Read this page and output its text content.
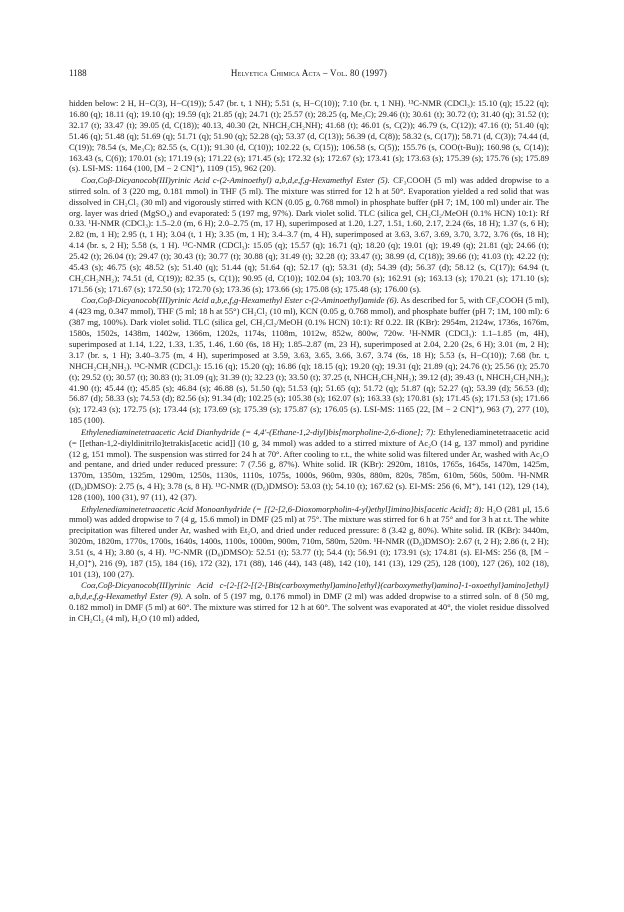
1188	Helvetica Chimica Acta – Vol. 80 (1997)

hidden below: 2 H, H−C(3), H−C(19)); 5.47 (br. t, 1 NH); 5.51 (s, H−C(10)); 7.10 (br. t, 1 NH). ¹³C-NMR (CDCl₃): 15.10 (q); 15.22 (q); 16.80 (q); 18.11 (q); 19.10 (q); 19.59 (q); 21.85 (q); 24.71 (t); 25.57 (t); 28.25 (q, Me₃C); 29.46 (t); 30.61 (t); 30.72 (t); 31.40 (q); 31.52 (t); 32.17 (t); 33.47 (t); 39.05 (d, C(18)); 40.13, 40.30 (2t, NHCH₂CH₂NH); 41.68 (t); 46.01 (s, C(2)); 46.79 (s, C(12)); 47.16 (t); 51.40 (q); 51.46 (q); 51.48 (q); 51.69 (q); 51.71 (q); 51.90 (q); 52.28 (q); 53.37 (d, C(13)); 56.39 (d, C(8)); 58.32 (s, C(17)); 58.71 (d, C(3)); 74.44 (d, C(19)); 78.54 (s, Me₃C); 82.55 (s, C(1)); 91.30 (d, C(10)); 102.22 (s, C(15)); 106.58 (s, C(5)); 155.76 (s, COO(t-Bu)); 160.98 (s, C(14)); 163.43 (s, C(6)); 170.01 (s); 171.19 (s); 171.22 (s); 171.45 (s); 172.32 (s); 172.67 (s); 173.41 (s); 173.63 (s); 175.39 (s); 175.76 (s); 175.89 (s). LSI-MS: 1164 (100, [M − 2 CN]⁺), 1109 (15), 962 (20).

Coα,Coβ-Dicyanocob(III)yrinic Acid c-(2-Aminoethyl) a,b,d,e,f,g-Hexamethyl Ester (5). CF₃COOH (5 ml) was added dropwise to a stirred soln. of 3 (220 mg, 0.181 mmol) in THF (5 ml). The mixture was stirred for 12 h at 50°. Evaporation yielded a red solid that was dissolved in CH₂Cl₂ (30 ml) and vigorously stirred with KCN (0.05 g, 0.768 mmol) in phosphate buffer (pH 7; 1M, 100 ml) under air. The org. layer was dried (MgSO₄) and evaporated: 5 (197 mg, 97%). Dark violet solid. TLC (silica gel, CH₂Cl₂/MeOH (0.1% HCN) 10:1): Rf 0.33. ¹H-NMR (CDCl₃): 1.5–2.0 (m, 6 H); 2.0–2.75 (m, 17 H), superimposed at 1.20, 1.27, 1.51, 1.60, 2.17, 2.24 (6s, 18 H); 1.37 (s, 6 H); 2.82 (m, 1 H); 2.95 (t, 1 H); 3.04 (t, 1 H); 3.35 (m, 1 H); 3.4–3.7 (m, 4 H), superimposed at 3.63, 3.67, 3.69, 3.70, 3.72, 3.76 (6s, 18 H); 4.14 (br. s, 2 H); 5.58 (s, 1 H). ¹³C-NMR (CDCl₃): 15.05 (q); 15.57 (q); 16.71 (q); 18.20 (q); 19.01 (q); 19.49 (q); 21.81 (q); 24.66 (t); 25.42 (t); 26.04 (t); 29.47 (t); 30.43 (t); 30.77 (t); 30.88 (q); 31.49 (t); 32.28 (t); 33.47 (t); 38.99 (d, C(18)); 39.66 (t); 41.03 (t); 42.22 (t); 45.43 (s); 46.75 (s); 48.52 (s); 51.40 (q); 51.44 (q); 51.64 (q); 52.17 (q); 53.31 (d); 54.39 (d); 56.37 (d); 58.12 (s, C(17)); 64.94 (t, CH₂CH₂NH₂); 74.51 (d, C(19)); 82.35 (s, C(1)); 90.95 (d, C(10)); 102.04 (s); 103.70 (s); 162.91 (s); 163.13 (s); 170.21 (s); 171.10 (s); 171.56 (s); 171.67 (s); 172.50 (s); 172.70 (s); 173.36 (s); 173.66 (s); 175.08 (s); 175.48 (s); 176.00 (s).

Coα,Coβ-Dicyanocob(III)yrinic Acid a,b,e,f,g-Hexamethyl Ester c-(2-Aminoethyl)amide (6). As described for 5, with CF₃COOH (5 ml), 4 (423 mg, 0.347 mmol), THF (5 ml; 18 h at 55°) CH₂Cl₂ (10 ml), KCN (0.05 g, 0.768 mmol), and phosphate buffer (pH 7; 1M, 100 ml): 6 (387 mg, 100%). Dark violet solid. TLC (silica gel, CH₂Cl₂/MeOH (0.1% HCN) 10:1): Rf 0.22. IR (KBr): 2954m, 2124w, 1736s, 1676m, 1580s, 1502s, 1438m, 1402w, 1366m, 1202s, 1174s, 1108m, 1012w, 852w, 800w, 720w. ¹H-NMR (CDCl₃): 1.1–1.85 (m, 4H), superimposed at 1.14, 1.22, 1.33, 1.35, 1.46, 1.60 (6s, 18 H); 1.85–2.87 (m, 23 H), superimposed at 2.04, 2.20 (2s, 6 H); 3.01 (m, 2 H); 3.17 (br. s, 1 H); 3.40–3.75 (m, 4 H), superimposed at 3.59, 3.63, 3.65, 3.66, 3.67, 3.74 (6s, 18 H); 5.53 (s, H−C(10)); 7.68 (br. t, NHCH₂CH₂NH₂). ¹³C-NMR (CDCl₃): 15.16 (q); 15.20 (q); 16.86 (q); 18.15 (q); 19.20 (q); 19.31 (q); 21.89 (q); 24.76 (t); 25.56 (t); 25.70 (t); 29.52 (t); 30.57 (t); 30.83 (t); 31.09 (q); 31.39 (t); 32.23 (t); 33.50 (t); 37.25 (t, NHCH₂CH₂NH₂); 39.12 (d); 39.43 (t, NHCH₂CH₂NH₂); 41.90 (t); 45.44 (t); 45.85 (s); 46.84 (s); 46.88 (s), 51.50 (q); 51.53 (q); 51.65 (q); 51.72 (q); 51.87 (q); 52.27 (q); 53.39 (d); 56.53 (d); 56.87 (d); 58.33 (s); 74.53 (d); 82.56 (s); 91.34 (d); 102.25 (s); 105.38 (s); 162.07 (s); 163.33 (s); 170.81 (s); 171.45 (s); 171.53 (s); 171.66 (s); 172.43 (s); 172.75 (s); 173.44 (s); 173.69 (s); 175.39 (s); 175.87 (s); 176.05 (s). LSI-MS: 1165 (22, [M − 2 CN]⁺), 963 (7), 277 (10), 185 (100).

Ethylenediaminetetraacetic Acid Dianhydride (= 4,4′-(Ethane-1,2-diyl)bis[morpholine-2,6-dione]; 7): Ethylenediaminetetraacetic acid (= [[ethan-1,2-diyldinitrilo]tetrakis[acetic acid]] (10 g, 34 mmol) was added to a stirred mixture of Ac₂O (14 g, 137 mmol) and pyridine (12 g, 151 mmol). The suspension was stirred for 24 h at 70°. After cooling to r.t., the white solid was filtered under Ar, washed with Ac₂O and pentane, and dried under reduced pressure: 7 (7.56 g, 87%). White solid. IR (KBr): 2920m, 1810s, 1765s, 1645s, 1470m, 1425m, 1370m, 1350m, 1325m, 1290m, 1250s, 1130s, 1110s, 1075s, 1000s, 960m, 930s, 880m, 820s, 785m, 610m, 560s, 500m. ¹H-NMR ((D₆)DMSO): 2.75 (s, 4 H); 3.78 (s, 8 H). ¹³C-NMR ((D₆)DMSO): 53.03 (t); 54.10 (t); 167.62 (s). EI-MS: 256 (6, M⁺), 141 (12), 129 (14), 128 (100), 100 (31), 97 (11), 42 (37).

Ethylenediaminetetraacetic Acid Monoanhydride (= [{2-[2,6-Dioxomorpholin-4-yl)ethyl]imino}bis[acetic Acid]; 8): H₂O (281 μl, 15.6 mmol) was added dropwise to 7 (4 g, 15.6 mmol) in DMF (25 ml) at 75°. The mixture was stirred for 6 h at 75° and for 3 h at r.t. The white precipitation was filtered under Ar, washed with Et₂O, and dried under reduced pressure: 8 (3.42 g, 80%). White solid. IR (KBr): 3440m, 3020m, 1820m, 1770s, 1700s, 1640s, 1400s, 1100s, 1000m, 900m, 710m, 580m, 520m. ¹H-NMR ((D₆)DMSO): 2.67 (t, 2 H); 2.86 (t, 2 H); 3.51 (s, 4 H); 3.80 (s, 4 H). ¹³C-NMR ((D₆)DMSO): 52.51 (t); 53.77 (t); 54.4 (t); 56.91 (t); 173.91 (s); 174.81 (s). EI-MS: 256 (8, [M − H₂O]⁺), 216 (9), 187 (15), 184 (16), 172 (32), 171 (88), 146 (44), 143 (48), 142 (10), 141 (13), 129 (25), 128 (100), 127 (26), 102 (18), 101 (13), 100 (27).

Coα,Coβ-Dicyanocob(III)yrinic Acid c-{2-[{2-[{2-[Bis(carboxymethyl)amino]ethyl}(carboxymethyl)amino]-1-oxoethyl}amino]ethyl} a,b,d,e,f,g-Hexamethyl Ester (9). A soln. of 5 (197 mg, 0.176 mmol) in DMF (2 ml) was added dropwise to a stirred soln. of 8 (50 mg, 0.182 mmol) in DMF (5 ml) at 60°. The mixture was stirred for 12 h at 60°. The solvent was evaporated at 40°, the violet residue dissolved in CH₂Cl₂ (4 ml), H₂O (10 ml) added,
